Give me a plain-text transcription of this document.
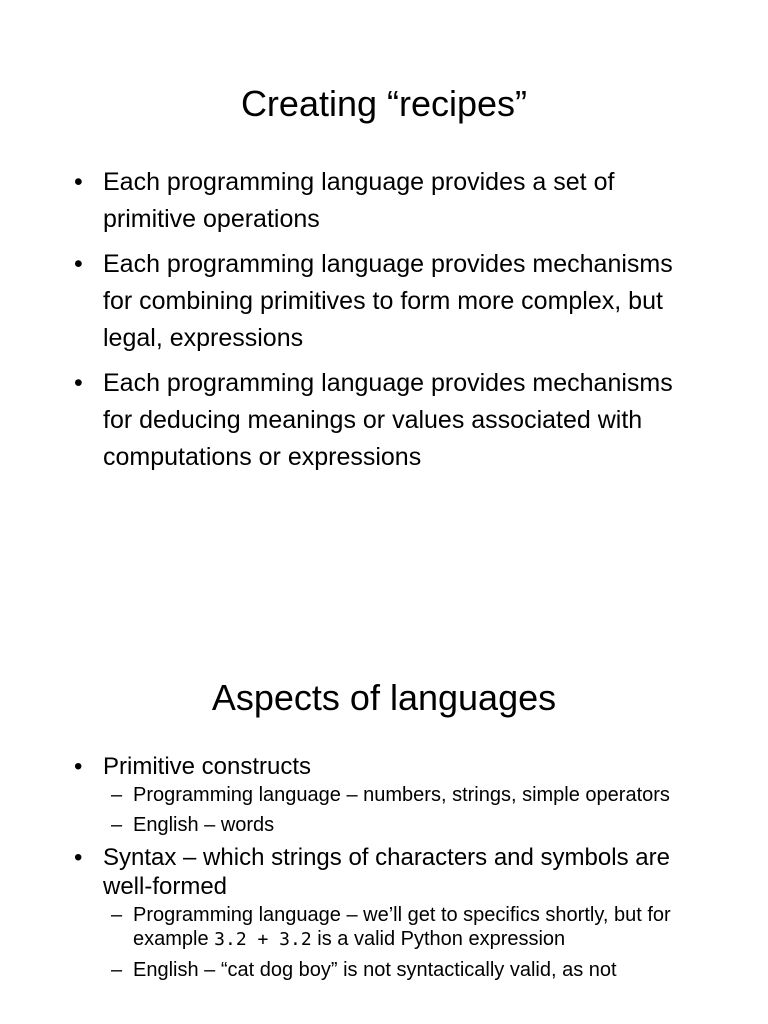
Creating “recipes”
• Each programming language provides a set of primitive operations
• Each programming language provides mechanisms for combining primitives to form more complex, but legal, expressions
• Each programming language provides mechanisms for deducing meanings or values associated with computations or expressions
Aspects of languages
• Primitive constructs
– Programming language – numbers, strings, simple operators
– English – words
• Syntax – which strings of characters and symbols are well-formed
– Programming language – we’ll get to specifics shortly, but for example 3.2 + 3.2 is a valid Python expression
– English – “cat dog boy” is not syntactically valid, as not
